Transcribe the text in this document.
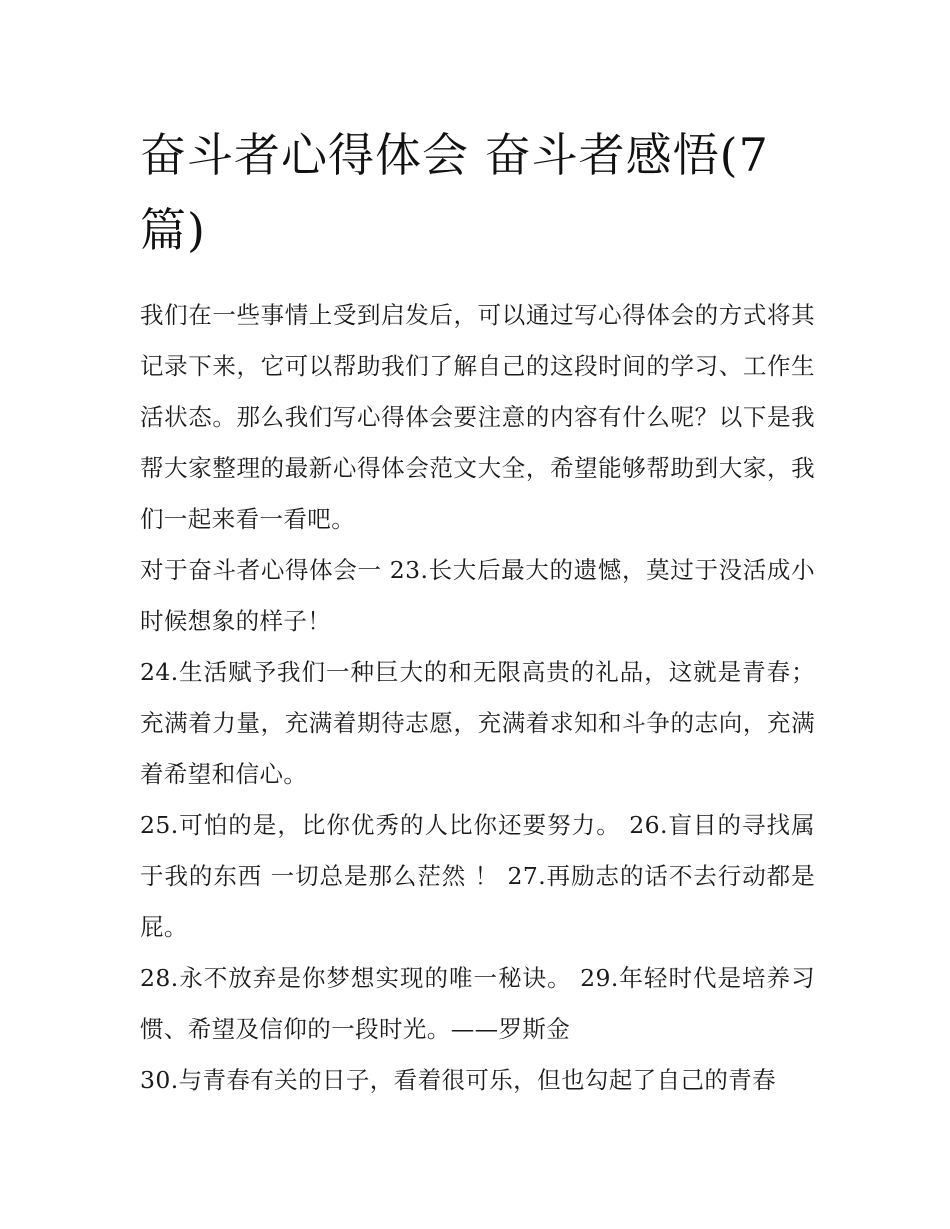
奋斗者心得体会 奋斗者感悟(7篇)

我们在一些事情上受到启发后，可以通过写心得体会的方式将其记录下来，它可以帮助我们了解自己的这段时间的学习、工作生活状态。那么我们写心得体会要注意的内容有什么呢？以下是我帮大家整理的最新心得体会范文大全，希望能够帮助到大家，我们一起来看一看吧。

对于奋斗者心得体会一 23.长大后最大的遗憾，莫过于没活成小时候想象的样子！

24.生活赋予我们一种巨大的和无限高贵的礼品，这就是青春；充满着力量，充满着期待志愿，充满着求知和斗争的志向，充满着希望和信心。

25.可怕的是，比你优秀的人比你还要努力。 26.盲目的寻找属于我的东西 一切总是那么茫然 ！ 27.再励志的话不去行动都是屁。

28.永不放弃是你梦想实现的唯一秘诀。 29.年轻时代是培养习惯、希望及信仰的一段时光。——罗斯金

30.与青春有关的日子，看着很可乐，但也勾起了自己的青春
